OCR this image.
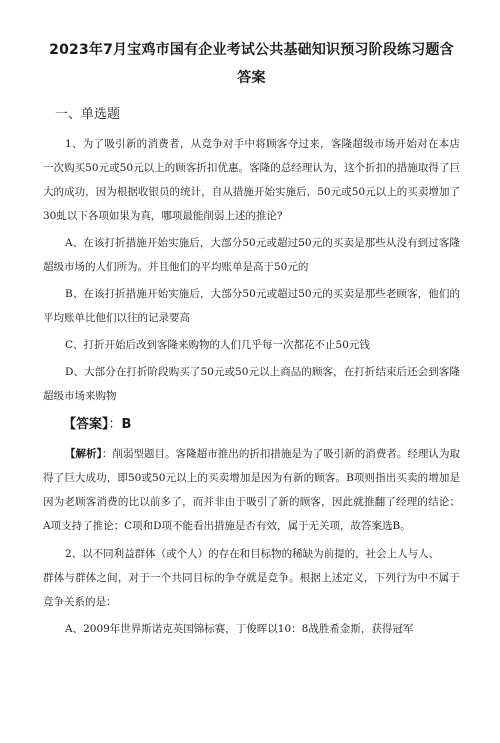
2023年7月宝鸡市国有企业考试公共基础知识预习阶段练习题含答案
一、单选题

1、为了吸引新的消费者，从竞争对手中将顾客夺过来，客隆超级市场开始对在本店一次购买50元或50元以上的顾客折扣优惠。客隆的总经理认为，这个折扣的措施取得了巨大的成功，因为根据收银员的统计，自从措施开始实施后，50元或50元以上的买卖增加了30虬以下各项如果为真，哪项最能削弱上述的推论?

A、在该打折措施开始实施后，大部分50元或超过50元的买卖是那些从没有到过客隆超级市场的人们所为。并且他们的平均账单是高于50元的

B、在该打折措施开始实施后，大部分50元或超过50元的买卖是那些老顾客，他们的平均账单比他们以往的记录要高

C、打折开始后改到客隆来购物的人们几乎每一次都花不止50元钱

D、大部分在打折阶段购买了50元或50元以上商品的顾客，在打折结束后还会到客隆超级市场来购物

【答案】：B

【解析】：削弱型题目。客隆超市推出的折扣措施是为了吸引新的消费者。经理认为取得了巨大成功，即50或50元以上的买卖增加是因为有新的顾客。B项则指出买卖的增加是因为老顾客消费的比以前多了，而并非由于吸引了新的顾客，因此就推翻了经理的结论；A项支持了推论；C项和D项不能看出措施是否有效，属于无关项，故答案选B。

2、以不同利益群体（或个人）的存在和目标物的稀缺为前提的，社会上人与人、

群体与群体之间，对于一个共同目标的争夺就是竞争。根据上述定义，下列行为中不属于竞争关系的是：

A、2009年世界斯诺克英国锦标赛，丁俊晖以10：8战胜希金斯，获得冠军
